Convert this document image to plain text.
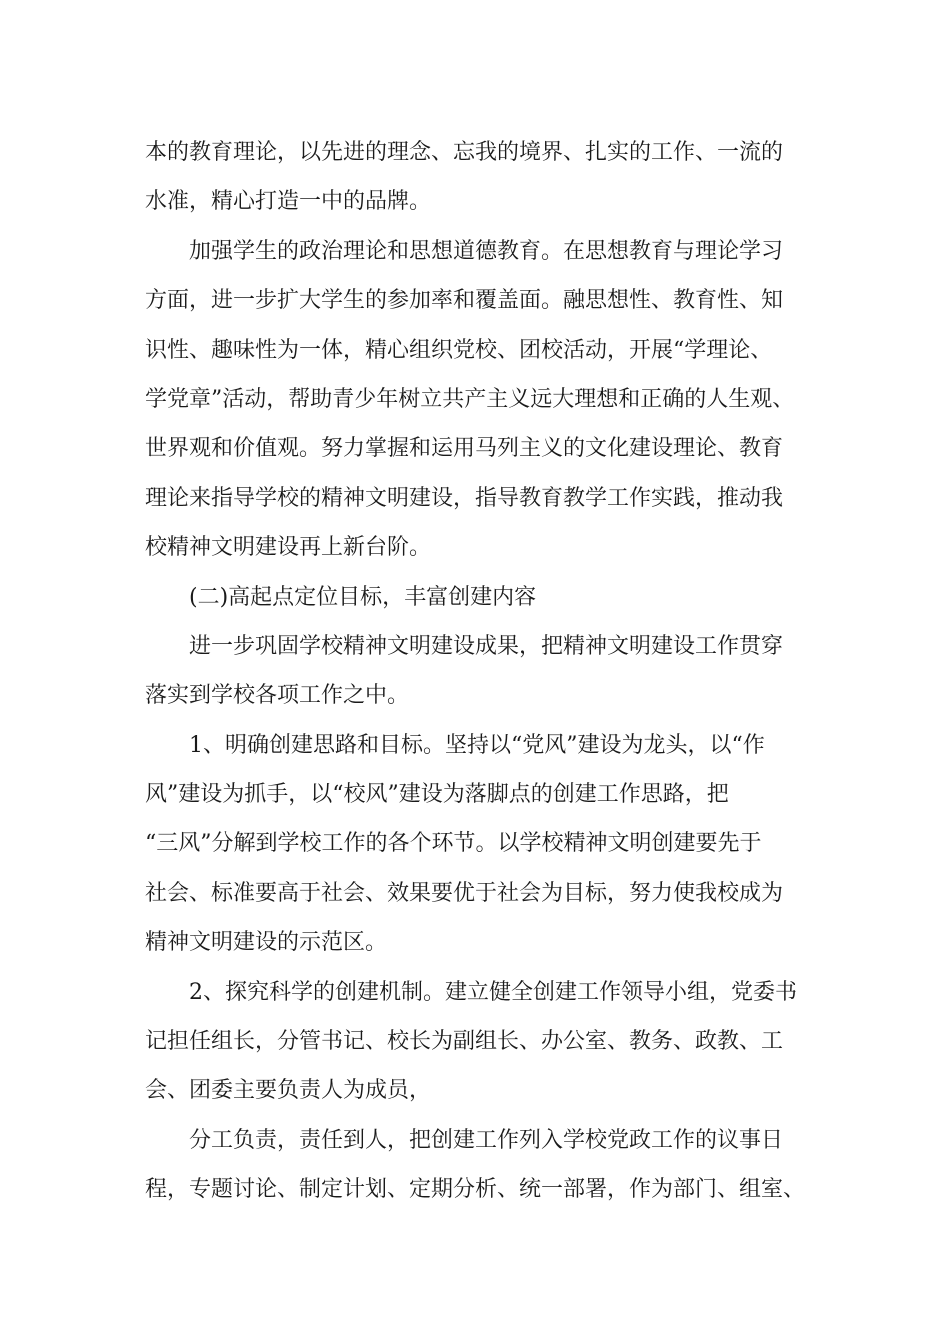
本的教育理论，以先进的理念、忘我的境界、扎实的工作、一流的
水准，精心打造一中的品牌。
加强学生的政治理论和思想道德教育。在思想教育与理论学习
方面，进一步扩大学生的参加率和覆盖面。融思想性、教育性、知
识性、趣味性为一体，精心组织党校、团校活动，开展“学理论、
学党章”活动，帮助青少年树立共产主义远大理想和正确的人生观、
世界观和价值观。努力掌握和运用马列主义的文化建设理论、教育
理论来指导学校的精神文明建设，指导教育教学工作实践，推动我
校精神文明建设再上新台阶。
(二)高起点定位目标，丰富创建内容
进一步巩固学校精神文明建设成果，把精神文明建设工作贯穿
落实到学校各项工作之中。
1、明确创建思路和目标。坚持以“党风”建设为龙头，以“作
风”建设为抓手，以“校风”建设为落脚点的创建工作思路，把
“三风”分解到学校工作的各个环节。以学校精神文明创建要先于
社会、标准要高于社会、效果要优于社会为目标，努力使我校成为
精神文明建设的示范区。
2、探究科学的创建机制。建立健全创建工作领导小组，党委书
记担任组长，分管书记、校长为副组长、办公室、教务、政教、工
会、团委主要负责人为成员，
分工负责，责任到人，把创建工作列入学校党政工作的议事日
程，专题讨论、制定计划、定期分析、统一部署，作为部门、组室、
